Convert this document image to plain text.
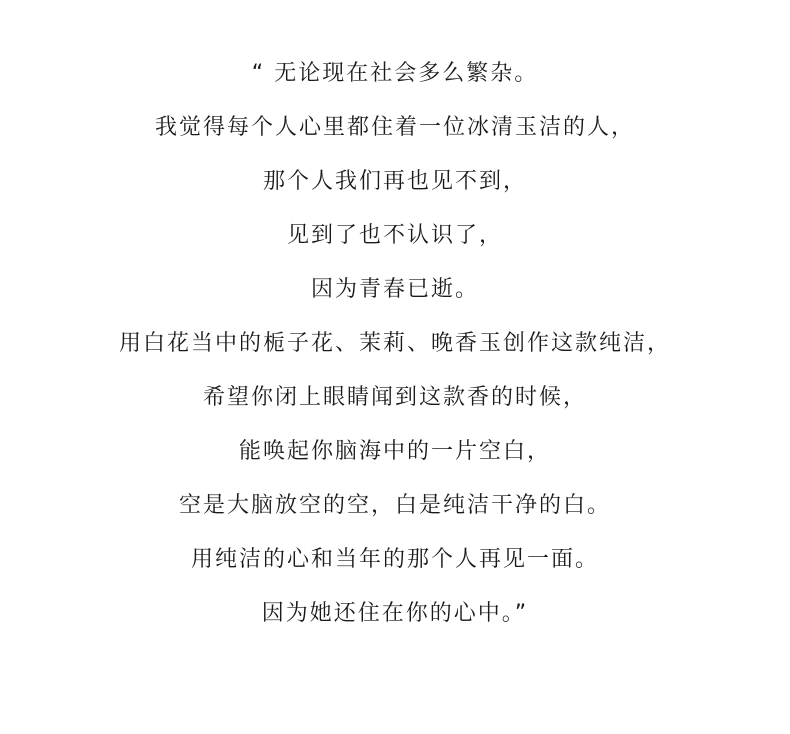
“ 无论现在社会多么繁杂。
我觉得每个人心里都住着一位冰清玉洁的人，
那个人我们再也见不到，
见到了也不认识了，
因为青春已逝。
用白花当中的栀子花、茉莉、晚香玉创作这款纯洁，
希望你闭上眼睛闻到这款香的时候，
能唤起你脑海中的一片空白，
空是大脑放空的空，白是纯洁干净的白。
用纯洁的心和当年的那个人再见一面。
因为她还住在你的心中。”
